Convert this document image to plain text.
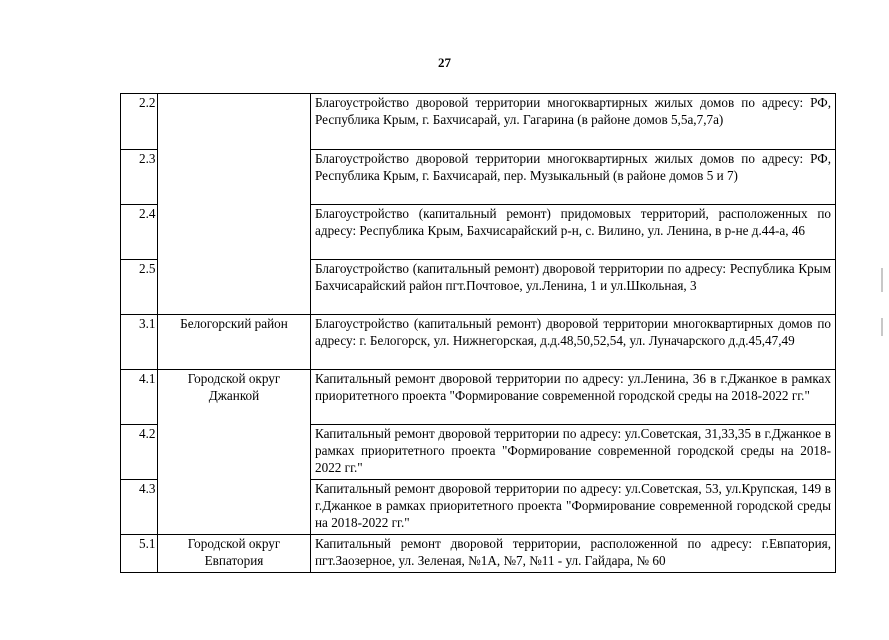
27
2.2		Благоустройство дворовой территории многоквартирных жилых домов по адресу: РФ, Республика Крым, г. Бахчисарай, ул. Гагарина (в районе домов 5,5а,7,7а)
2.3		Благоустройство дворовой территории многоквартирных жилых домов по адресу: РФ, Республика Крым, г. Бахчисарай, пер. Музыкальный (в районе домов 5 и 7)
2.4		Благоустройство (капитальный ремонт) придомовых территорий, расположенных по адресу: Республика Крым, Бахчисарайский р-н, с. Вилино, ул. Ленина, в р-не д.44-а, 46
2.5		Благоустройство (капитальный ремонт) дворовой территории по адресу: Республика Крым Бахчисарайский район пгт.Почтовое, ул.Ленина, 1 и ул.Школьная, 3
3.1	Белогорский район	Благоустройство (капитальный ремонт) дворовой территории многоквартирных домов по адресу: г. Белогорск, ул. Нижнегорская, д.д.48,50,52,54, ул. Луначарского д.д.45,47,49
4.1	Городской округ Джанкой	Капитальный ремонт дворовой территории по адресу: ул.Ленина, 36 в г.Джанкое в рамках приоритетного проекта "Формирование современной городской среды на 2018-2022 гг."
4.2		Капитальный ремонт дворовой территории по адресу: ул.Советская, 31,33,35 в г.Джанкое в рамках приоритетного проекта "Формирование современной городской среды на 2018-2022 гг."
4.3		Капитальный ремонт дворовой территории по адресу: ул.Советская, 53, ул.Крупская, 149 в г.Джанкое в рамках приоритетного проекта "Формирование современной городской среды на 2018-2022 гг."
5.1	Городской округ Евпатория	Капитальный ремонт дворовой территории, расположенной по адресу: г.Евпатория, пгт.Заозерное, ул. Зеленая, №1А, №7, №11 - ул. Гайдара, № 60
